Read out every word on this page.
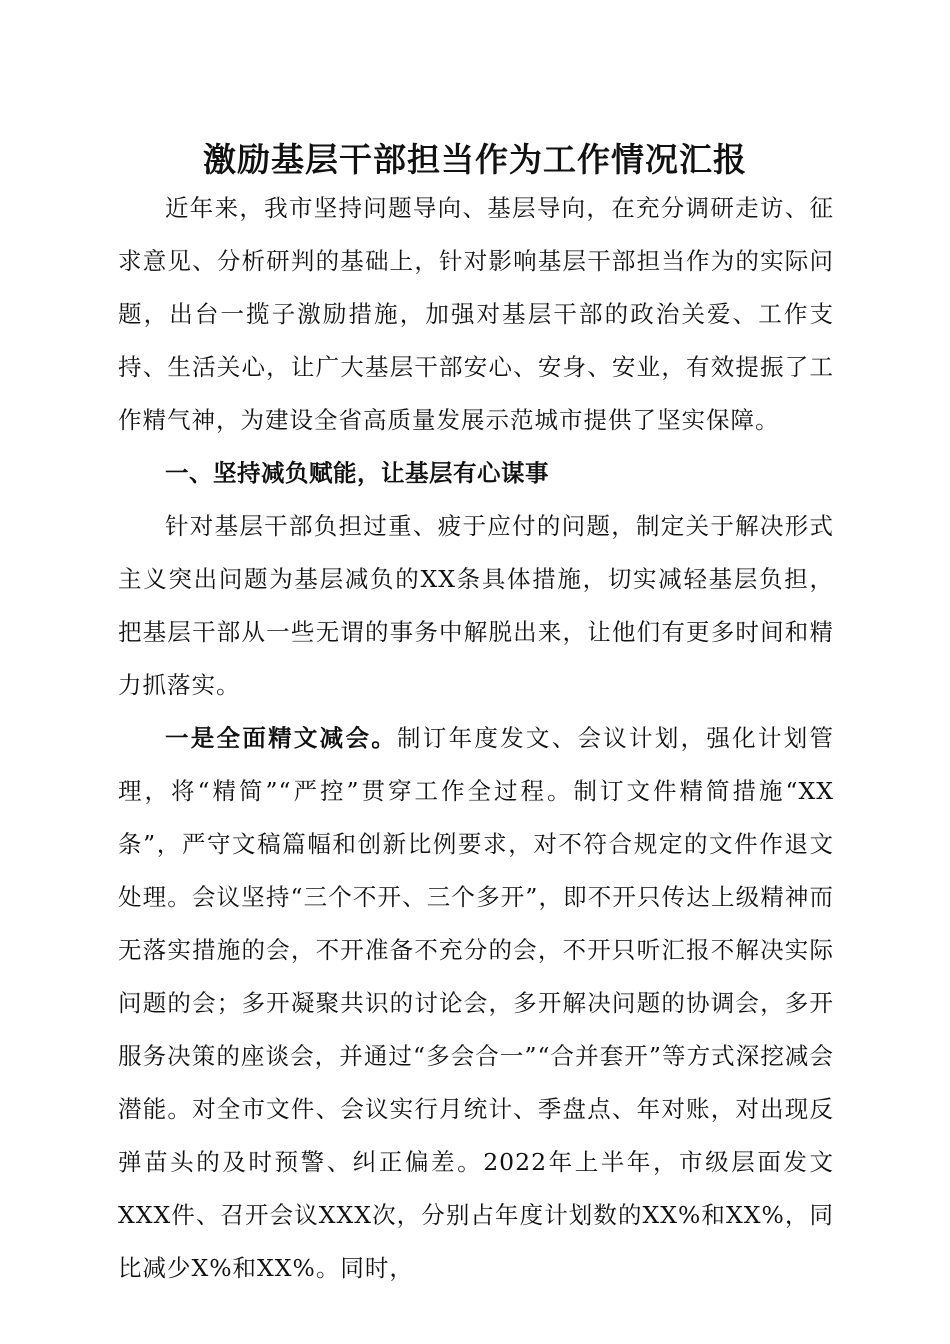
激励基层干部担当作为工作情况汇报

近年来，我市坚持问题导向、基层导向，在充分调研走访、征求意见、分析研判的基础上，针对影响基层干部担当作为的实际问题，出台一揽子激励措施，加强对基层干部的政治关爱、工作支持、生活关心，让广大基层干部安心、安身、安业，有效提振了工作精气神，为建设全省高质量发展示范城市提供了坚实保障。

一、坚持减负赋能，让基层有心谋事

针对基层干部负担过重、疲于应付的问题，制定关于解决形式主义突出问题为基层减负的XX条具体措施，切实减轻基层负担，把基层干部从一些无谓的事务中解脱出来，让他们有更多时间和精力抓落实。

一是全面精文减会。制订年度发文、会议计划，强化计划管理，将“精简”“严控”贯穿工作全过程。制订文件精简措施“XX条”，严守文稿篇幅和创新比例要求，对不符合规定的文件作退文处理。会议坚持“三个不开、三个多开”，即不开只传达上级精神而无落实措施的会，不开准备不充分的会，不开只听汇报不解决实际问题的会；多开凝聚共识的讨论会，多开解决问题的协调会，多开服务决策的座谈会，并通过“多会合一”“合并套开”等方式深挖减会潜能。对全市文件、会议实行月统计、季盘点、年对账，对出现反弹苗头的及时预警、纠正偏差。2022年上半年，市级层面发文XXX件、召开会议XXX次，分别占年度计划数的XX%和XX%，同比减少X%和XX%。同时，
